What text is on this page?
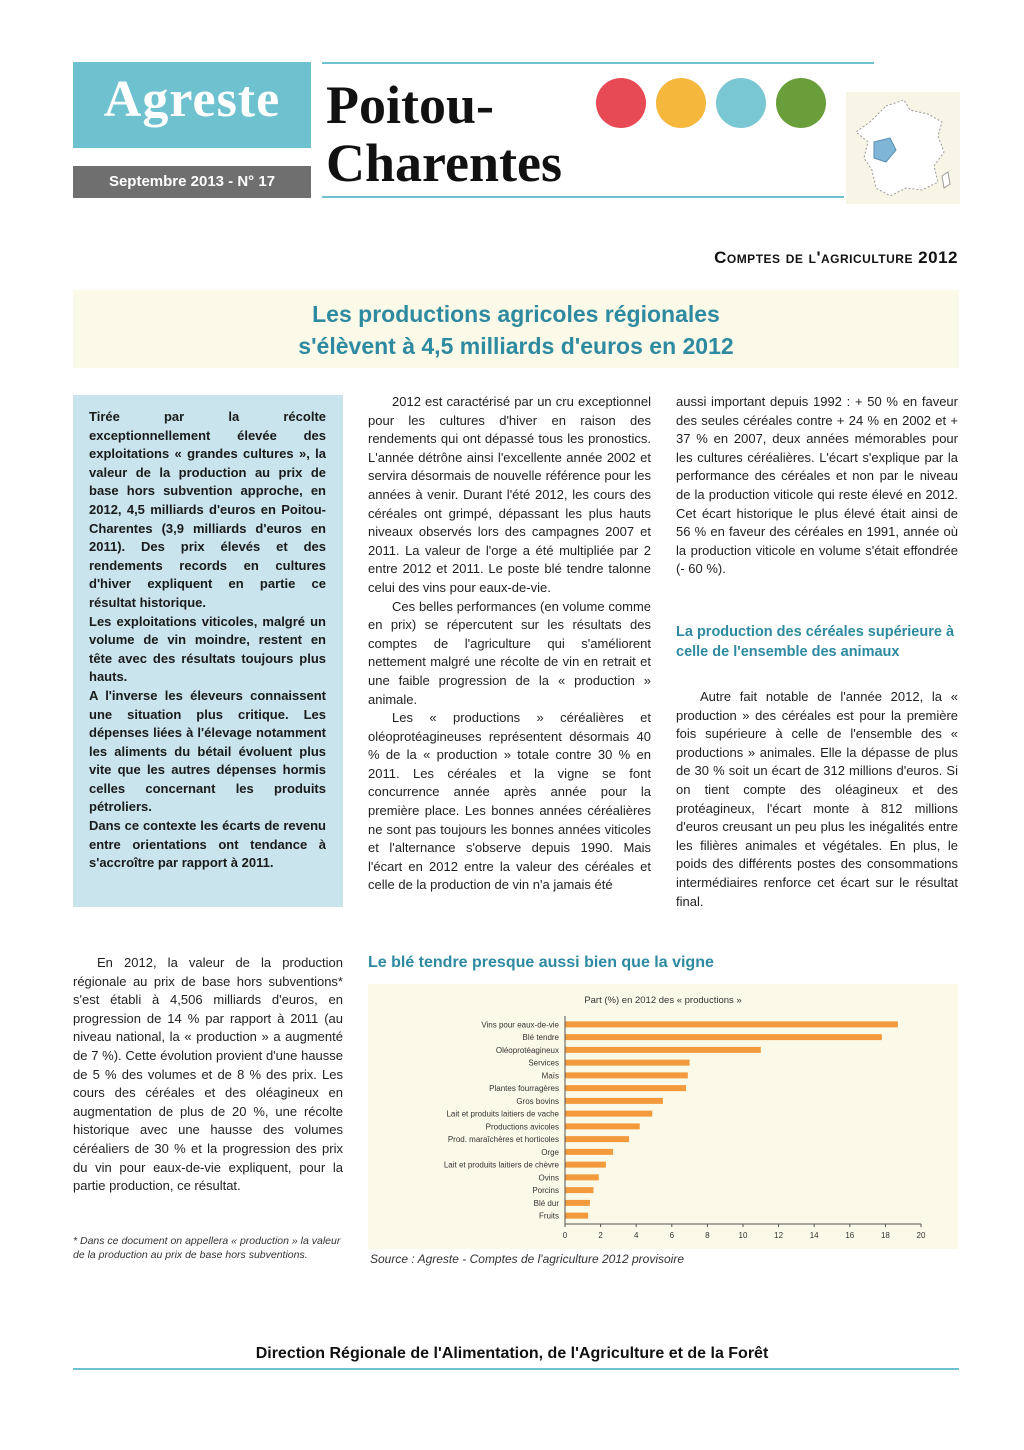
Agreste
Septembre 2013 - N° 17
Poitou-
Charentes
Comptes de l'agriculture 2012
Les productions agricoles régionales
s'élèvent à 4,5 milliards d'euros en 2012

Tirée par la récolte exceptionnellement élevée des exploitations « grandes cultures », la valeur de la production au prix de base hors subvention approche, en 2012, 4,5 milliards d'euros en Poitou-Charentes (3,9 milliards d'euros en 2011). Des prix élevés et des rendements records en cultures d'hiver expliquent en partie ce résultat historique.

Les exploitations viticoles, malgré un volume de vin moindre, restent en tête avec des résultats toujours plus hauts.

A l'inverse les éleveurs connaissent une situation plus critique. Les dépenses liées à l'élevage notamment les aliments du bétail évoluent plus vite que les autres dépenses hormis celles concernant les produits pétroliers.

Dans ce contexte les écarts de revenu entre orientations ont tendance à s'accroître par rapport à 2011.

En 2012, la valeur de la production régionale au prix de base hors subventions* s'est établi à 4,506 milliards d'euros, en progression de 14 % par rapport à 2011 (au niveau national, la « production » a augmenté de 7 %). Cette évolution provient d'une hausse de 5 % des volumes et de 8 % des prix. Les cours des céréales et des oléagineux en augmentation de plus de 20 %, une récolte historique avec une hausse des volumes céréaliers de 30 % et la progression des prix du vin pour eaux-de-vie expliquent, pour la partie production, ce résultat.

* Dans ce document on appellera « production » la valeur de la production au prix de base hors subventions.

2012 est caractérisé par un cru exceptionnel pour les cultures d'hiver en raison des rendements qui ont dépassé tous les pronostics. L'année détrône ainsi l'excellente année 2002 et servira désormais de nouvelle référence pour les années à venir. Durant l'été 2012, les cours des céréales ont grimpé, dépassant les plus hauts niveaux observés lors des campagnes 2007 et 2011. La valeur de l'orge a été multipliée par 2 entre 2012 et 2011. Le poste blé tendre talonne celui des vins pour eaux-de-vie.

Ces belles performances (en volume comme en prix) se répercutent sur les résultats des comptes de l'agriculture qui s'améliorent nettement malgré une récolte de vin en retrait et une faible progression de la « production » animale.

Les « productions » céréalières et oléoprotéagineuses représentent désormais 40 % de la « production » totale contre 30 % en 2011. Les céréales et la vigne se font concurrence année après année pour la première place. Les bonnes années céréalières ne sont pas toujours les bonnes années viticoles et l'alternance s'observe depuis 1990. Mais l'écart en 2012 entre la valeur des céréales et celle de la production de vin n'a jamais été

aussi important depuis 1992 : + 50 % en faveur des seules céréales contre + 24 % en 2002 et + 37 % en 2007, deux années mémorables pour les cultures céréalières. L'écart s'explique par la performance des céréales et non par le niveau de la production viticole qui reste élevé en 2012. Cet écart historique le plus élevé était ainsi de 56 % en faveur des céréales en 1991, année où la production viticole en volume s'était effondrée (- 60 %).

La production des céréales supérieure à celle de l'ensemble des animaux

Autre fait notable de l'année 2012, la « production » des céréales est pour la première fois supérieure à celle de l'ensemble des « productions » animales. Elle la dépasse de plus de 30 % soit un écart de 312 millions d'euros. Si on tient compte des oléagineux et des protéagineux, l'écart monte à 812 millions d'euros creusant un peu plus les inégalités entre les filières animales et végétales. En plus, le poids des différents postes des consommations intermédiaires renforce cet écart sur le résultat final.

Le blé tendre presque aussi bien que la vigne
Part (%) en 2012 des « productions »
Vins pour eaux-de-vie
Blé tendre
Oléoprotéagineux
Services
Maïs
Plantes fourragères
Gros bovins
Lait et produits laitiers de vache
Productions avicoles
Prod. maraîchères et horticoles
Orge
Lait et produits laitiers de chèvre
Ovins
Porcins
Blé dur
Fruits
0	2	4	6	8	10	12	14	16	18	20
Source : Agreste - Comptes de l'agriculture 2012 provisoire
Direction Régionale de l'Alimentation, de l'Agriculture et de la Forêt
